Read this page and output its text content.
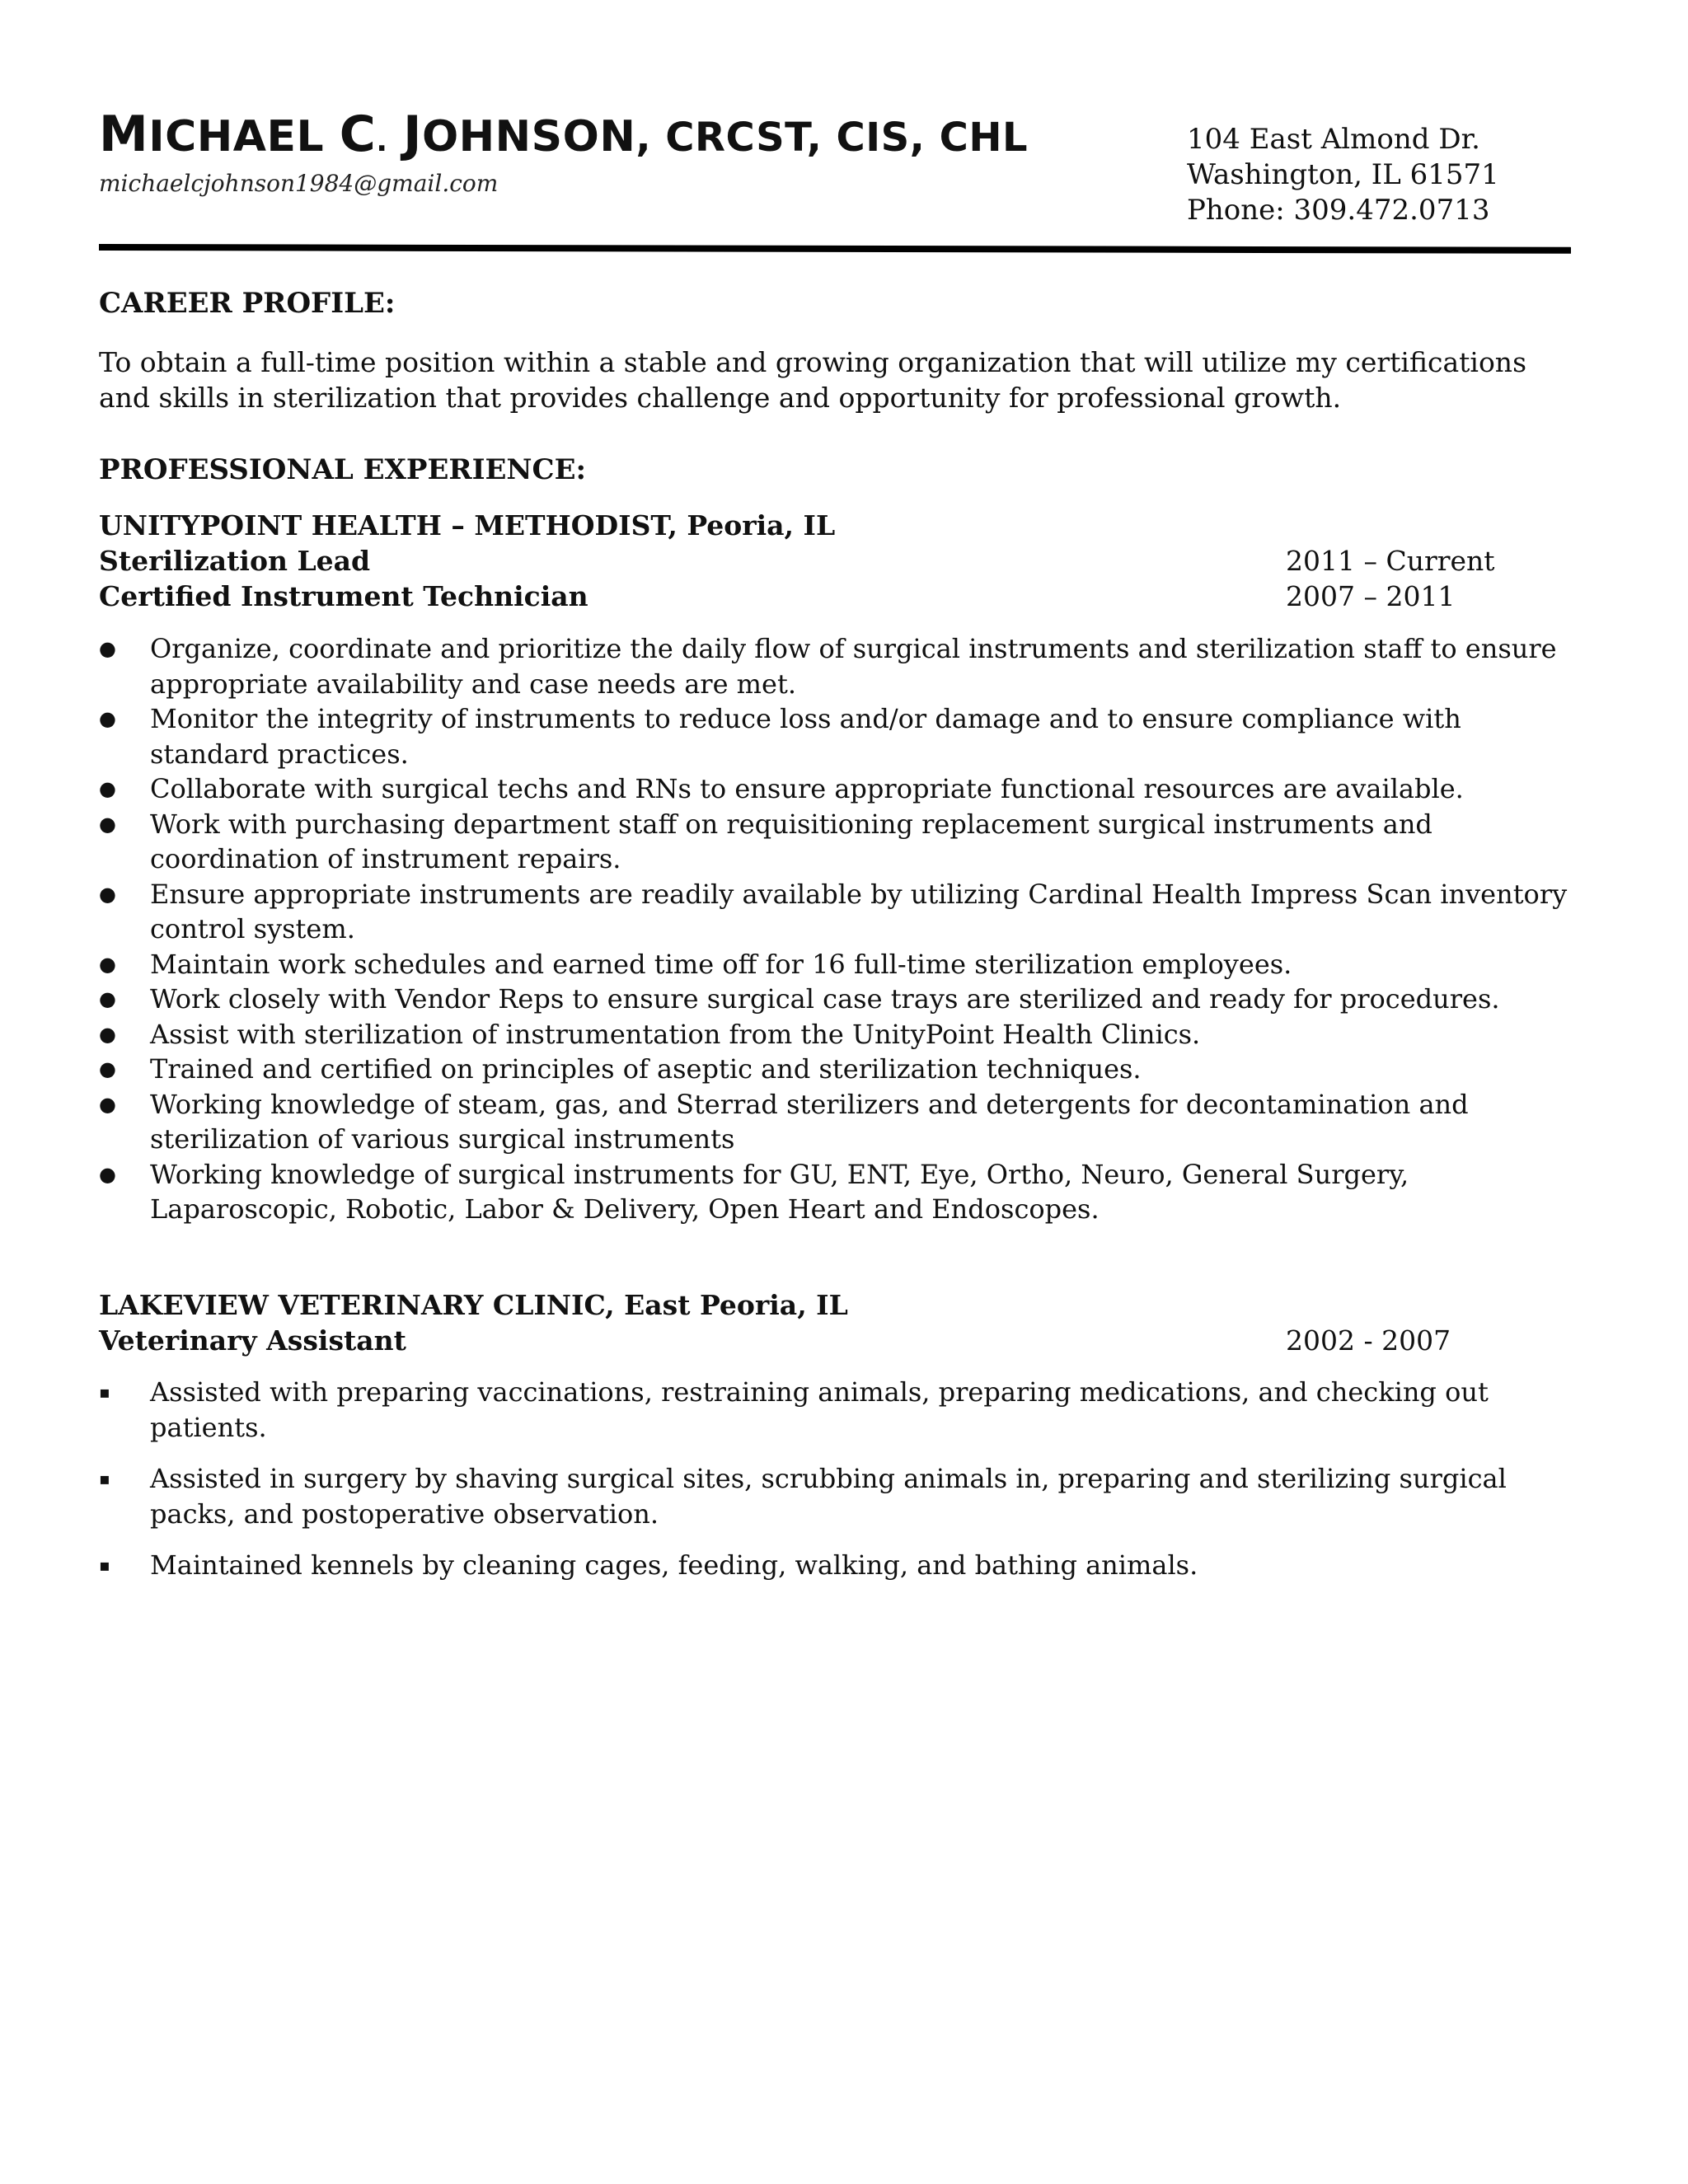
MICHAEL C. JOHNSON, CRCST, CIS, CHL
michaelcjohnson1984@gmail.com
104 East Almond Dr.
Washington, IL 61571
Phone: 309.472.0713
CAREER PROFILE:
To obtain a full-time position within a stable and growing organization that will utilize my certifications and skills in sterilization that provides challenge and opportunity for professional growth.
PROFESSIONAL EXPERIENCE:
UNITYPOINT HEALTH – METHODIST, Peoria, IL
Sterilization Lead	2011 – Current
Certified Instrument Technician	2007 – 2011
● Organize, coordinate and prioritize the daily flow of surgical instruments and sterilization staff to ensure appropriate availability and case needs are met.
● Monitor the integrity of instruments to reduce loss and/or damage and to ensure compliance with standard practices.
● Collaborate with surgical techs and RNs to ensure appropriate functional resources are available.
● Work with purchasing department staff on requisitioning replacement surgical instruments and coordination of instrument repairs.
● Ensure appropriate instruments are readily available by utilizing Cardinal Health Impress Scan inventory control system.
● Maintain work schedules and earned time off for 16 full-time sterilization employees.
● Work closely with Vendor Reps to ensure surgical case trays are sterilized and ready for procedures.
● Assist with sterilization of instrumentation from the UnityPoint Health Clinics.
● Trained and certified on principles of aseptic and sterilization techniques.
● Working knowledge of steam, gas, and Sterrad sterilizers and detergents for decontamination and sterilization of various surgical instruments
● Working knowledge of surgical instruments for GU, ENT, Eye, Ortho, Neuro, General Surgery, Laparoscopic, Robotic, Labor & Delivery, Open Heart and Endoscopes.
LAKEVIEW VETERINARY CLINIC, East Peoria, IL
Veterinary Assistant	2002 - 2007
▪	Assisted with preparing vaccinations, restraining animals, preparing medications, and checking out patients.
▪	Assisted in surgery by shaving surgical sites, scrubbing animals in, preparing and sterilizing surgical packs, and postoperative observation.
▪	Maintained kennels by cleaning cages, feeding, walking, and bathing animals.
